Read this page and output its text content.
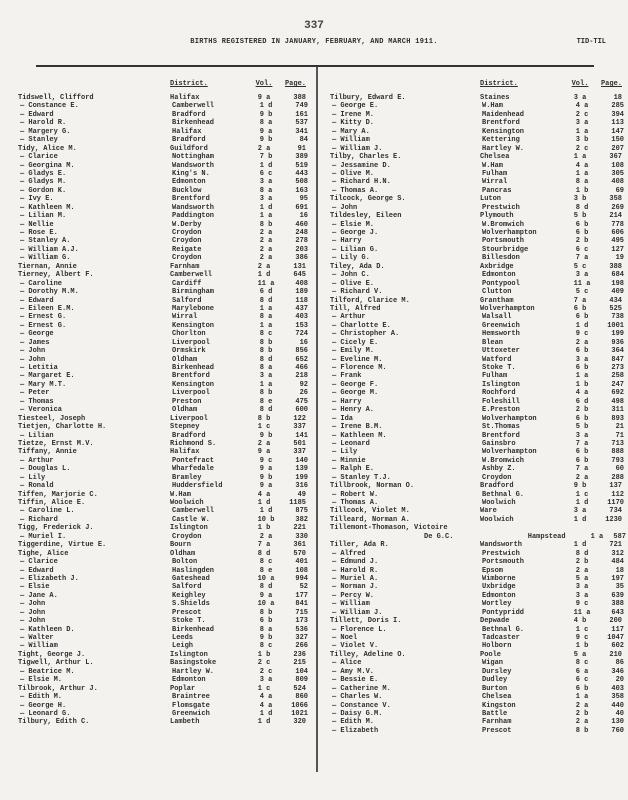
337
BIRTHS REGISTERED IN JANUARY, FEBRUARY, AND MARCH 1911.	TID-TIL
District.	Vol.	Page.
Tidswell, Clifford	Halifax	9 a	388
— Constance E.	Camberwell	1 d	749
— Edward	Bradford	9 b	161
— Harold R.	Birkenhead	8 a	537
— Margery G.	Halifax	9 a	341
— Stanley	Bradford	9 b	84
Tidy, Alice M.	Guildford	2 a	91
— Clarice	Nottingham	7 b	389
— Georgina M.	Wandsworth	1 d	519
— Gladys E.	King's N.	6 c	443
— Gladys M.	Edmonton	3 a	508
— Gordon K.	Bucklow	8 a	163
— Ivy E.	Brentford	3 a	95
— Kathleen M.	Wandsworth	1 d	691
— Lilian M.	Paddington	1 a	16
— Nellie	W.Derby	8 b	460
— Rose E.	Croydon	2 a	248
— Stanley A.	Croydon	2 a	278
— William A.J.	Reigate	2 a	203
— William G.	Croydon	2 a	386
Tiernan, Annie	Farnham	2 a	131
Tierney, Albert F.	Camberwell	1 d	645
— Caroline	Cardiff	11 a	408
— Dorothy M.M.	Birmingham	6 d	189
— Edward	Salford	8 d	118
— Eileen E.M.	Marylebone	1 a	437
— Ernest G.	Wirral	8 a	403
— Ernest G.	Kensington	1 a	153
— George	Chorlton	8 c	724
— James	Liverpool	8 b	16
— John	Ormskirk	8 b	856
— John	Oldham	8 d	652
— Letitia	Birkenhead	8 a	466
— Margaret E.	Brentford	3 a	218
— Mary M.T.	Kensington	1 a	92
— Peter	Liverpool	8 b	26
— Thomas	Preston	8 e	475
— Veronica	Oldham	8 d	600
Tiesteel, Joseph	Liverpool	8 b	122
Tietjen, Charlotte H.	Stepney	1 c	337
— Lilian	Bradford	9 b	141
Tietze, Ernst M.V.	Richmond S.	2 a	501
Tiffany, Annie	Halifax	9 a	337
— Arthur	Pontefract	9 c	140
— Douglas L.	Wharfedale	9 a	139
— Lily	Bramley	9 b	199
— Ronald	Huddersfield	9 a	316
Tiffen, Marjorie C.	W.Ham	4 a	49
Tiffin, Alice E.	Woolwich	1 d	1185
— Caroline L.	Camberwell	1 d	875
— Richard	Castle W.	10 b	382
Tigg, Frederick J.	Islington	1 b	221
— Muriel I.	Croydon	2 a	330
Tiggerdine, Virtue E.	Bourn	7 a	361
Tighe, Alice	Oldham	8 d	570
— Clarice	Bolton	8 c	401
— Edward	Haslingden	8 e	108
— Elizabeth J.	Gateshead	10 a	994
— Elsie	Salford	8 d	52
— Jane A.	Keighley	9 a	177
— John	S.Shields	10 a	841
— John	Prescot	8 b	715
— John	Stoke T.	6 b	173
— Kathleen D.	Birkenhead	8 a	536
— Walter	Leeds	9 b	327
— William	Leigh	8 c	266
Tight, George J.	Islington	1 b	236
Tigwell, Arthur L.	Basingstoke	2 c	215
— Beatrice M.	Hartley W.	2 c	104
— Elsie M.	Edmonton	3 a	809
Tilbrook, Arthur J.	Poplar	1 c	524
— Edith M.	Braintree	4 a	860
— George H.	Flomsgate	4 a	1066
— Leonard G.	Greenwich	1 d	1021
Tilbury, Edith C.	Lambeth	1 d	320
District.	Vol.	Page.
Tilbury, Edward E.	Staines	3 a	18
— George E.	W.Ham	4 a	285
— Irene M.	Maidenhead	2 c	394
— Kitty D.	Brentford	3 a	113
— Mary A.	Kensington	1 a	147
— William	Kettering	3 b	150
— William J.	Hartley W.	2 c	207
Tilby, Charles E.	Chelsea	1 a	367
— Jessamine D.	W.Ham	4 a	108
— Olive M.	Fulham	1 a	305
— Richard H.N.	Wirral	8 a	408
— Thomas A.	Pancras	1 b	69
Tilcock, George S.	Luton	3 b	358
— John	Prestwich	8 d	269
Tildesley, Eileen	Plymouth	5 b	214
— Elsie M.	W.Bromwich	6 b	778
— George J.	Wolverhampton	6 b	606
— Harry	Portsmouth	2 b	495
— Lilian G.	Stourbridge	6 c	127
— Lily G.	Billesdon	7 a	19
Tiley, Ada D.	Axbridge	5 c	388
— John C.	Edmonton	3 a	684
— Olive E.	Pontypool	11 a	198
— Richard V.	Clutton	5 c	409
Tilford, Clarice M.	Grantham	7 a	434
Till, Alfred	Wolverhampton	6 b	525
— Arthur	Walsall	6 b	738
— Charlotte E.	Greenwich	1 d	1001
— Christopher A.	Hemsworth	9 c	199
— Cicely E.	Blean	2 a	936
— Emily M.	Uttoxeter	6 b	364
— Eveline M.	Watford	3 a	847
— Florence M.	Stoke T.	6 b	273
— Frank	Fulham	1 a	258
— George F.	Islington	1 b	247
— George M.	Rochford	4 a	692
— Harry	Foleshill	6 d	498
— Henry A.	E.Preston	2 b	311
— Ida	Wolverhampton	6 b	893
— Irene B.M.	St.Thomas	5 b	21
— Kathleen M.	Brentford	3 a	71
— Leonard	Gainsbro	7 a	713
— Lily	Wolverhampton	6 b	888
— Minnie	W.Bromwich	6 b	793
— Ralph E.	Ashby Z.	7 a	60
— Stanley T.J.	Croydon	2 a	288
Tillbrook, Norman O.	Bradford	9 b	137
— Robert W.	Bethnal G.	1 c	112
— Thomas A.	Woolwich	1 d	1170
Tillcock, Violet M.	Ware	3 a	734
Tilleard, Norman A.	Woolwich	1 d	1230
Tillemont-Thomason, Victoire
De G.C.	Hampstead	1 a	587
Tiller, Ada R.	Wandsworth	1 d	721
— Alfred	Prestwich	8 d	312
— Edmund J.	Portsmouth	2 b	484
— Harold R.	Epsom	2 a	18
— Muriel A.	Wimborne	5 a	197
— Norman J.	Uxbridge	3 a	35
— Percy W.	Edmonton	3 a	639
— William	Wortley	9 c	388
— William J.	Pontypridd	11 a	643
Tillett, Doris I.	Depwade	4 b	200
— Florence L.	Bethnal G.	1 c	117
— Noel	Tadcaster	9 c	1047
— Violet V.	Holborn	1 b	602
Tilley, Adeline O.	Poole	5 a	210
— Alice	Wigan	8 c	86
— Amy M.V.	Dursley	6 a	346
— Bessie E.	Dudley	6 c	20
— Catherine M.	Burton	6 b	403
— Charles W.	Chelsea	1 a	358
— Constance V.	Kingston	2 a	440
— Daisy G.M.	Battle	2 b	40
— Edith M.	Farnham	2 a	130
— Elizabeth	Prescot	8 b	760
